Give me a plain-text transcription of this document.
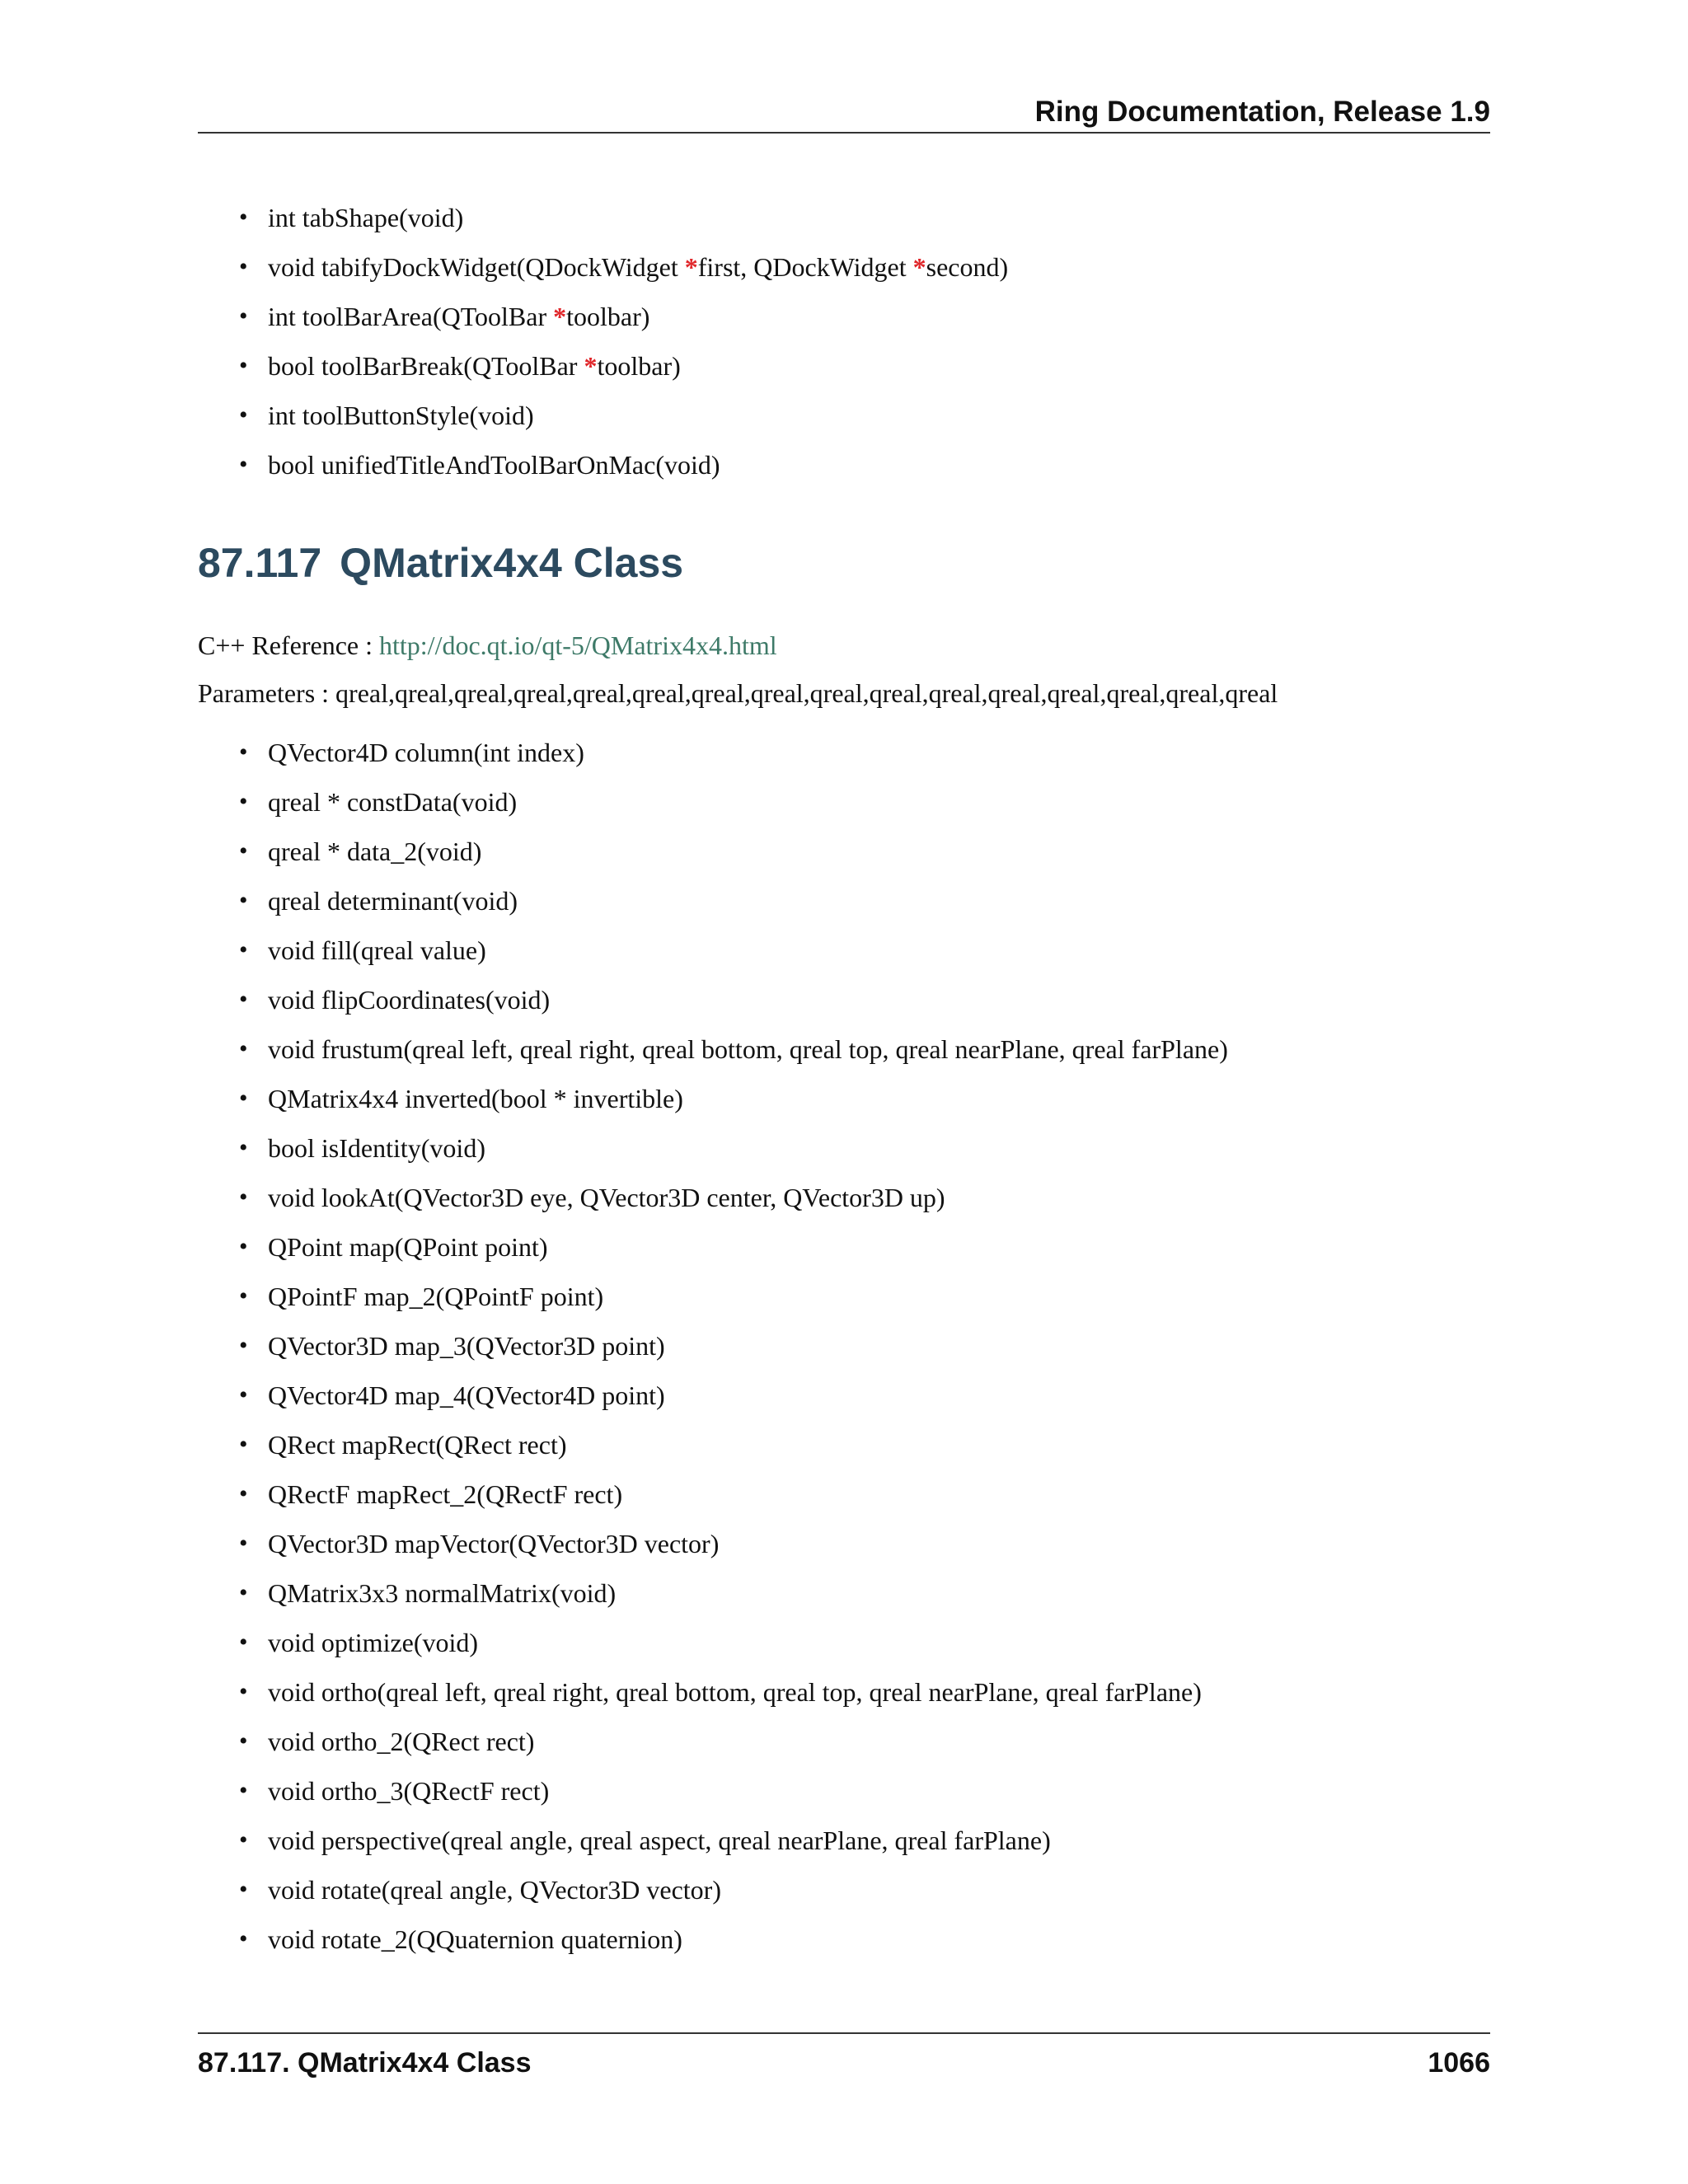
Ring Documentation, Release 1.9
• int tabShape(void)
• void tabifyDockWidget(QDockWidget *first, QDockWidget *second)
• int toolBarArea(QToolBar *toolbar)
• bool toolBarBreak(QToolBar *toolbar)
• int toolButtonStyle(void)
• bool unifiedTitleAndToolBarOnMac(void)
87.117 QMatrix4x4 Class
C++ Reference : http://doc.qt.io/qt-5/QMatrix4x4.html
Parameters : qreal,qreal,qreal,qreal,qreal,qreal,qreal,qreal,qreal,qreal,qreal,qreal,qreal,qreal,qreal,qreal
• QVector4D column(int index)
• qreal * constData(void)
• qreal * data_2(void)
• qreal determinant(void)
• void fill(qreal value)
• void flipCoordinates(void)
• void frustum(qreal left, qreal right, qreal bottom, qreal top, qreal nearPlane, qreal farPlane)
• QMatrix4x4 inverted(bool * invertible)
• bool isIdentity(void)
• void lookAt(QVector3D eye, QVector3D center, QVector3D up)
• QPoint map(QPoint point)
• QPointF map_2(QPointF point)
• QVector3D map_3(QVector3D point)
• QVector4D map_4(QVector4D point)
• QRect mapRect(QRect rect)
• QRectF mapRect_2(QRectF rect)
• QVector3D mapVector(QVector3D vector)
• QMatrix3x3 normalMatrix(void)
• void optimize(void)
• void ortho(qreal left, qreal right, qreal bottom, qreal top, qreal nearPlane, qreal farPlane)
• void ortho_2(QRect rect)
• void ortho_3(QRectF rect)
• void perspective(qreal angle, qreal aspect, qreal nearPlane, qreal farPlane)
• void rotate(qreal angle, QVector3D vector)
• void rotate_2(QQuaternion quaternion)
87.117. QMatrix4x4 Class	1066
